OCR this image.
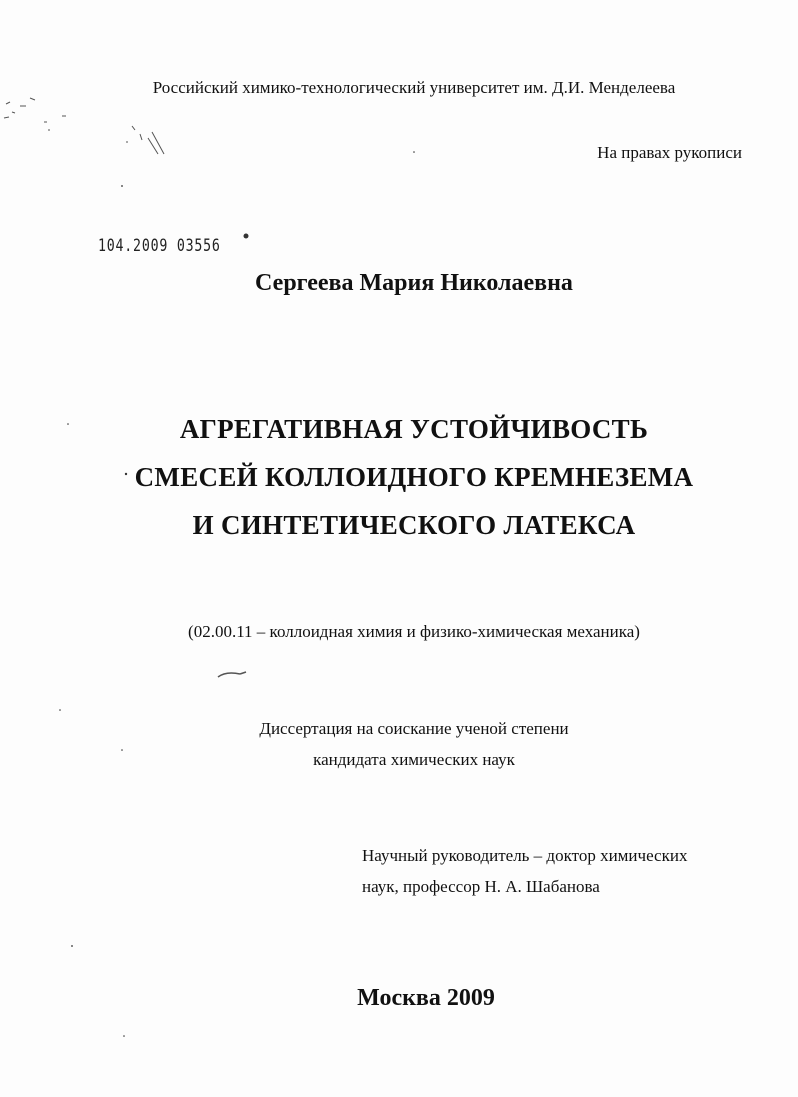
Российский химико-технологический университет им. Д.И. Менделеева
На правах рукописи
104.2009 03556
Сергеева Мария Николаевна
АГРЕГАТИВНАЯ УСТОЙЧИВОСТЬ
СМЕСЕЙ КОЛЛОИДНОГО КРЕМНЕЗЕМА
И СИНТЕТИЧЕСКОГО ЛАТЕКСА
(02.00.11 – коллоидная химия и физико-химическая механика)
Диссертация на соискание ученой степени
кандидата химических наук
Научный руководитель – доктор химических
наук, профессор Н. А. Шабанова
Москва 2009
